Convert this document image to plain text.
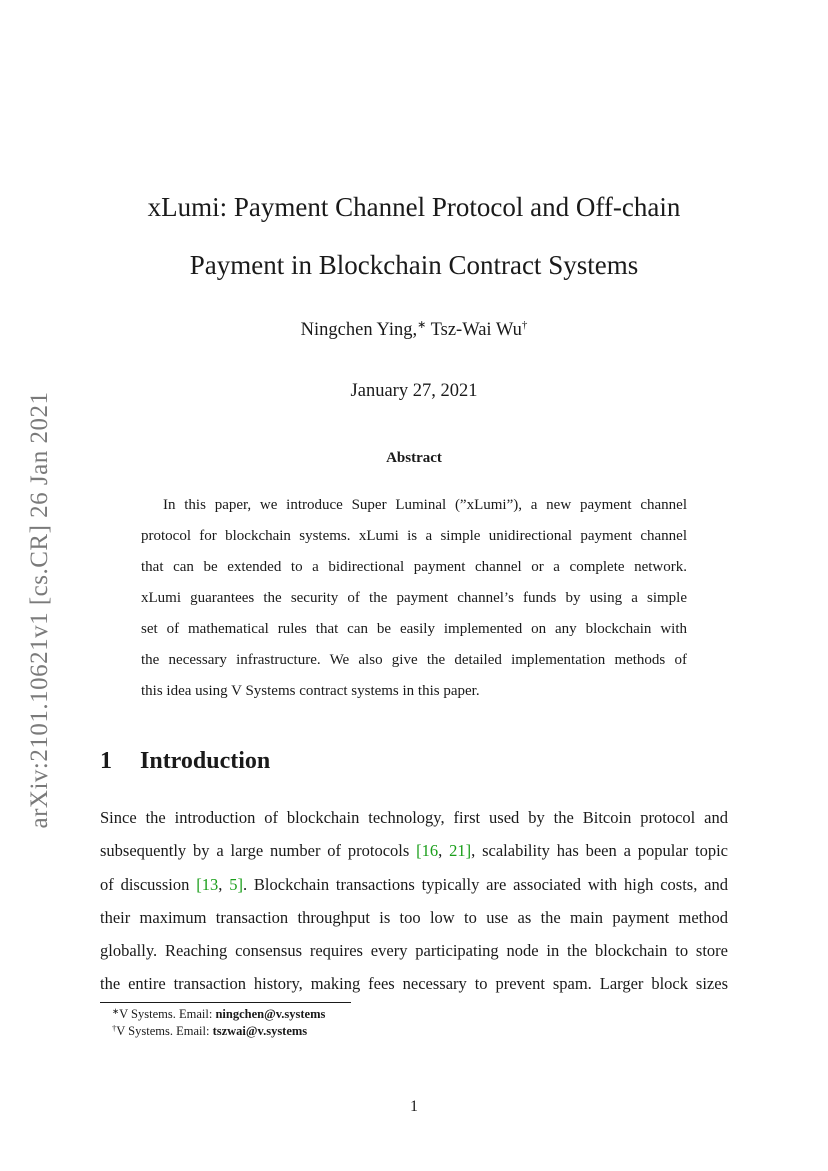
arXiv:2101.10621v1 [cs.CR] 26 Jan 2021
xLumi: Payment Channel Protocol and Off-chain
Payment in Blockchain Contract Systems
Ningchen Ying,∗ Tsz-Wai Wu†
January 27, 2021
Abstract
In this paper, we introduce Super Luminal (”xLumi”), a new payment channel
protocol for blockchain systems. xLumi is a simple unidirectional payment channel
that can be extended to a bidirectional payment channel or a complete network.
xLumi guarantees the security of the payment channel’s funds by using a simple
set of mathematical rules that can be easily implemented on any blockchain with
the necessary infrastructure. We also give the detailed implementation methods of
this idea using V Systems contract systems in this paper.
1 Introduction
Since the introduction of blockchain technology, first used by the Bitcoin protocol and
subsequently by a large number of protocols [16, 21], scalability has been a popular topic
of discussion [13, 5]. Blockchain transactions typically are associated with high costs, and
their maximum transaction throughput is too low to use as the main payment method
globally. Reaching consensus requires every participating node in the blockchain to store
the entire transaction history, making fees necessary to prevent spam. Larger block sizes
∗V Systems. Email: ningchen@v.systems
†V Systems. Email: tszwai@v.systems
1
